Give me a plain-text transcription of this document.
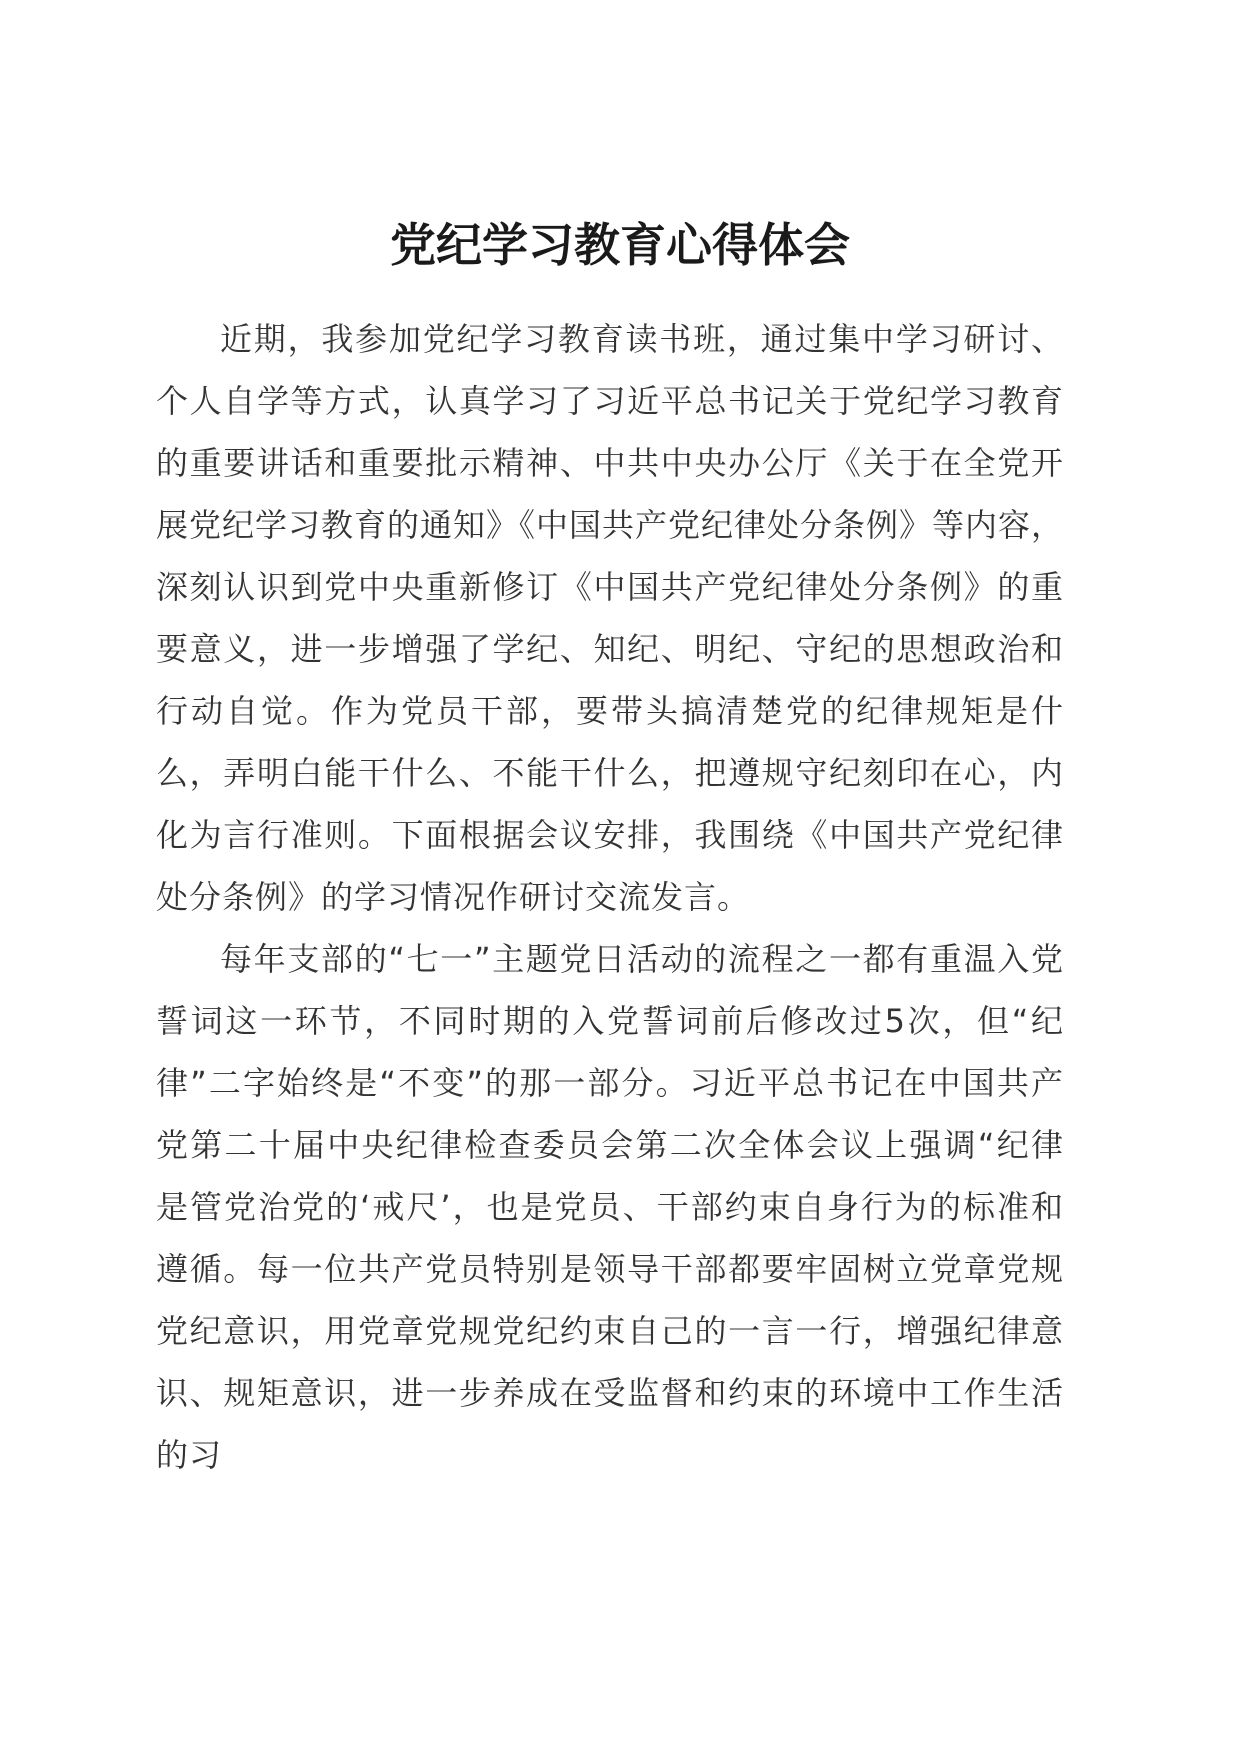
党纪学习教育心得体会

近期，我参加党纪学习教育读书班，通过集中学习研讨、个人自学等方式，认真学习了习近平总书记关于党纪学习教育的重要讲话和重要批示精神、中共中央办公厅《关于在全党开展党纪学习教育的通知》《中国共产党纪律处分条例》等内容，深刻认识到党中央重新修订《中国共产党纪律处分条例》的重要意义，进一步增强了学纪、知纪、明纪、守纪的思想政治和行动自觉。作为党员干部，要带头搞清楚党的纪律规矩是什么，弄明白能干什么、不能干什么，把遵规守纪刻印在心，内化为言行准则。下面根据会议安排，我围绕《中国共产党纪律处分条例》的学习情况作研讨交流发言。

每年支部的“七一”主题党日活动的流程之一都有重温入党誓词这一环节，不同时期的入党誓词前后修改过5次，但“纪律”二字始终是“不变”的那一部分。习近平总书记在中国共产党第二十届中央纪律检查委员会第二次全体会议上强调“纪律是管党治党的‘戒尺’，也是党员、干部约束自身行为的标准和遵循。每一位共产党员特别是领导干部都要牢固树立党章党规党纪意识，用党章党规党纪约束自己的一言一行，增强纪律意识、规矩意识，进一步养成在受监督和约束的环境中工作生活的习
